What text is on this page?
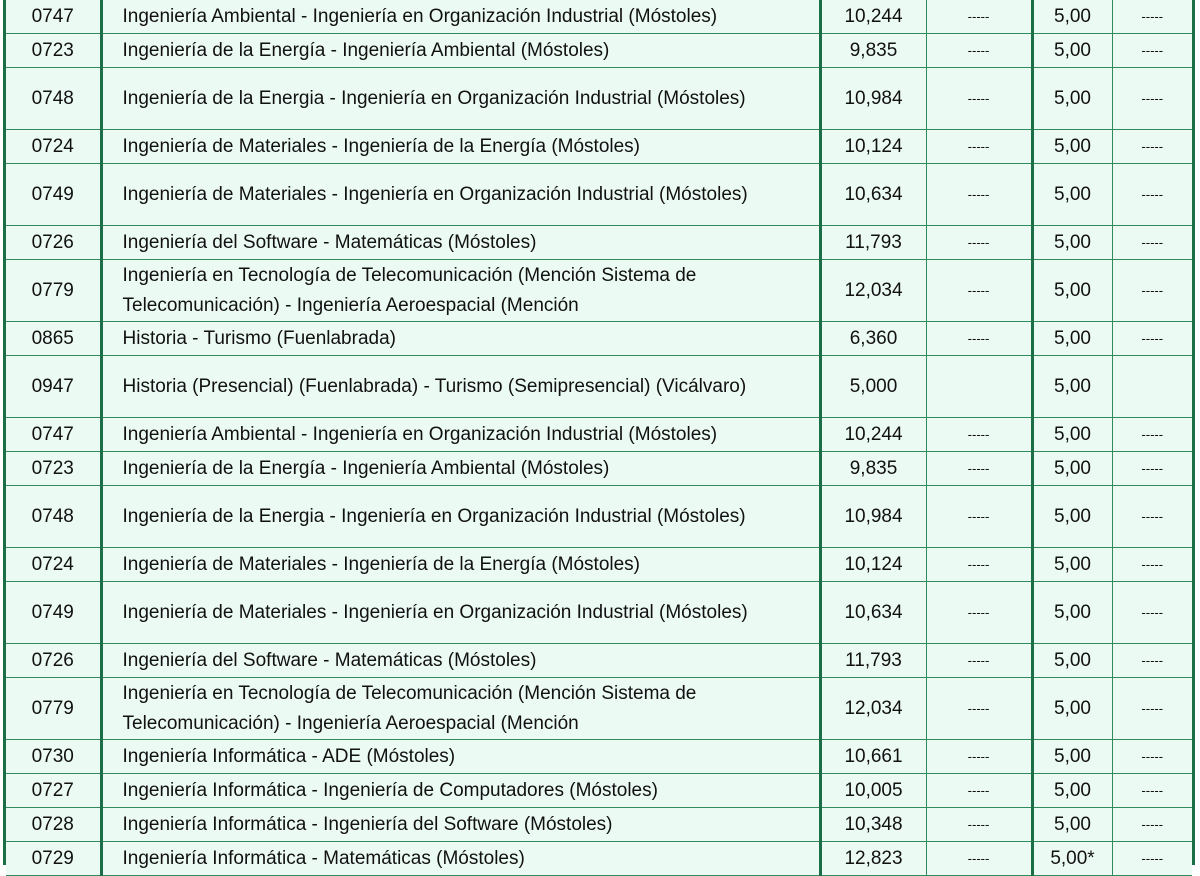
0747	Ingeniería Ambiental - Ingeniería en Organización Industrial (Móstoles)	10,244	-----	5,00	-----
0723	Ingeniería de la Energía - Ingeniería Ambiental (Móstoles)	9,835	-----	5,00	-----
0748	Ingeniería de la Energia - Ingeniería en Organización Industrial (Móstoles)	10,984	-----	5,00	-----
0724	Ingeniería de Materiales - Ingeniería de la Energía (Móstoles)	10,124	-----	5,00	-----
0749	Ingeniería de Materiales - Ingeniería en Organización Industrial (Móstoles)	10,634	-----	5,00	-----
0726	Ingeniería del Software - Matemáticas (Móstoles)	11,793	-----	5,00	-----
0779	Ingeniería en Tecnología de Telecomunicación (Mención Sistema de Telecomunicación) - Ingeniería Aeroespacial (Mención	12,034	-----	5,00	-----
0865	Historia - Turismo (Fuenlabrada)	6,360	-----	5,00	-----
0947	Historia (Presencial) (Fuenlabrada) - Turismo (Semipresencial) (Vicálvaro)	5,000		5,00	
0747	Ingeniería Ambiental - Ingeniería en Organización Industrial (Móstoles)	10,244	-----	5,00	-----
0723	Ingeniería de la Energía - Ingeniería Ambiental (Móstoles)	9,835	-----	5,00	-----
0748	Ingeniería de la Energia - Ingeniería en Organización Industrial (Móstoles)	10,984	-----	5,00	-----
0724	Ingeniería de Materiales - Ingeniería de la Energía (Móstoles)	10,124	-----	5,00	-----
0749	Ingeniería de Materiales - Ingeniería en Organización Industrial (Móstoles)	10,634	-----	5,00	-----
0726	Ingeniería del Software - Matemáticas (Móstoles)	11,793	-----	5,00	-----
0779	Ingeniería en Tecnología de Telecomunicación (Mención Sistema de Telecomunicación) - Ingeniería Aeroespacial (Mención	12,034	-----	5,00	-----
0730	Ingeniería Informática - ADE (Móstoles)	10,661	-----	5,00	-----
0727	Ingeniería Informática - Ingeniería de Computadores (Móstoles)	10,005	-----	5,00	-----
0728	Ingeniería Informática - Ingeniería del Software (Móstoles)	10,348	-----	5,00	-----
0729	Ingeniería Informática - Matemáticas (Móstoles)	12,823	-----	5,00*	-----
